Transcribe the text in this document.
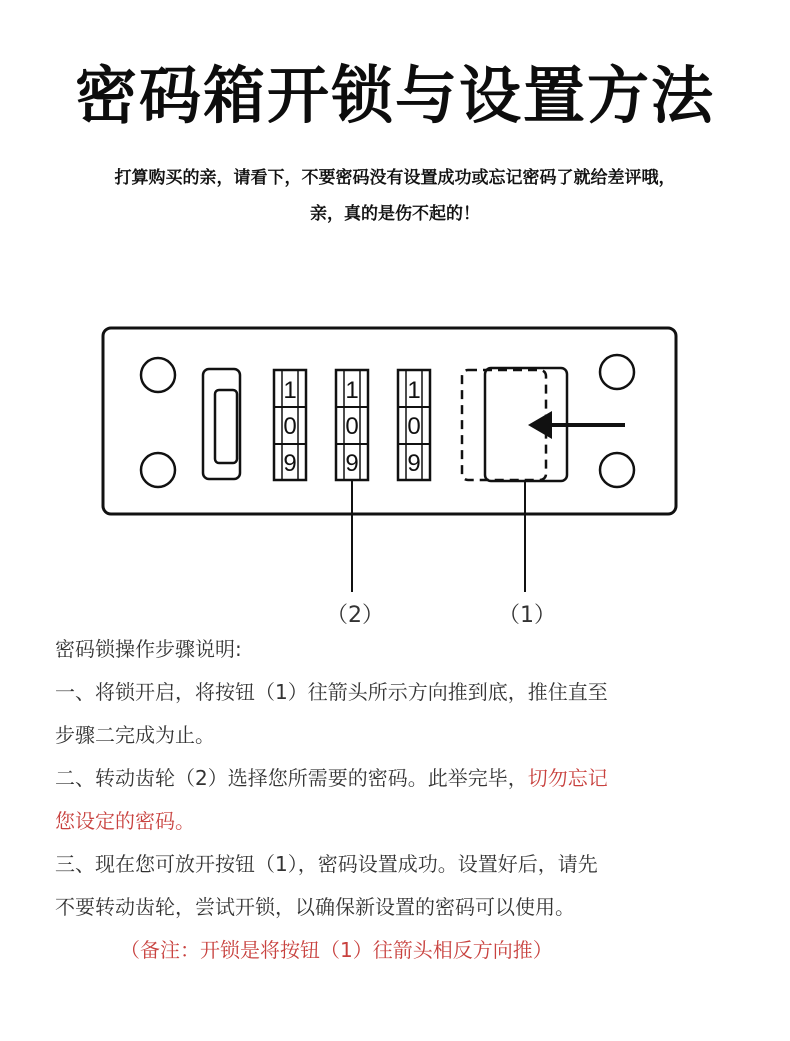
密码箱开锁与设置方法
打算购买的亲，请看下，不要密码没有设置成功或忘记密码了就给差评哦，
亲，真的是伤不起的！
1
0
9
1
0
9
1
0
9
（2）	（1）

密码锁操作步骤说明:

一、将锁开启，将按钮（1）往箭头所示方向推到底，推住直至

步骤二完成为止。

二、转动齿轮（2）选择您所需要的密码。此举完毕，切勿忘记

您设定的密码。

三、现在您可放开按钮（1），密码设置成功。设置好后，请先

不要转动齿轮，尝试开锁，以确保新设置的密码可以使用。

（备注：开锁是将按钮（1）往箭头相反方向推）
